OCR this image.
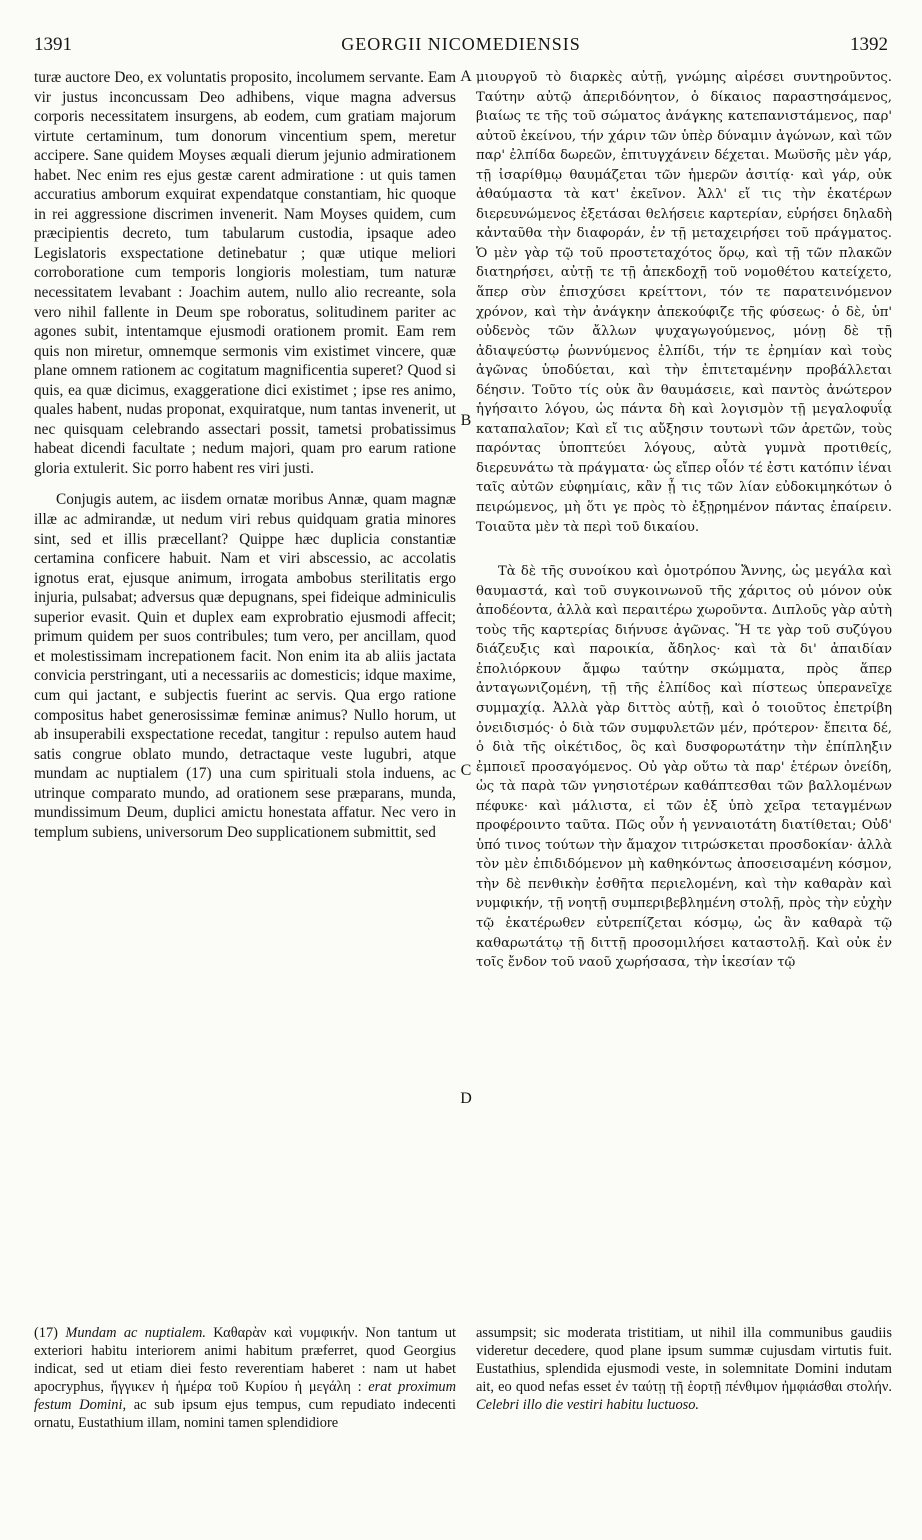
1391	GEORGII NICOMEDIENSIS	1392

turæ auctore Deo, ex voluntatis proposito, incolumem servante. Eam vir justus inconcussam Deo adhibens, vique magna adversus corporis necessitatem insurgens, ab eodem, cum gratiam majorum virtute certaminum, tum donorum vincentium spem, meretur accipere. Sane quidem Moyses æquali dierum jejunio admirationem habet. Nec enim res ejus gestæ carent admiratione : ut quis tamen accuratius amborum exquirat expendatque constantiam, hic quoque in rei aggressione discrimen invenerit. Nam Moyses quidem, cum præcipientis decreto, tum tabularum custodia, ipsaque adeo Legislatoris exspectatione detinebatur ; quæ utique meliori corroboratione cum temporis longioris molestiam, tum naturæ necessitatem levabant : Joachim autem, nullo alio recreante, sola vero nihil fallente in Deum spe roboratus, solitudinem pariter ac agones subit, intentamque ejusmodi orationem promit. Eam rem quis non miretur, omnemque sermonis vim existimet vincere, quæ plane omnem rationem ac cogitatum magnificentia superet? Quod si quis, ea quæ dicimus, exaggeratione dici existimet ; ipse res animo, quales habent, nudas proponat, exquiratque, num tantas invenerit, ut nec quisquam celebrando assectari possit, tametsi probatissimus habeat dicendi facultate ; nedum majori, quam pro earum ratione gloria extulerit. Sic porro habent res viri justi.

Conjugis autem, ac iisdem ornatæ moribus Annæ, quam magnæ illæ ac admirandæ, ut nedum viri rebus quidquam gratia minores sint, sed et illis præcellant? Quippe hæc duplicia constantiæ certamina conficere habuit. Nam et viri abscessio, ac accolatis ignotus erat, ejusque animum, irrogata ambobus sterilitatis ergo injuria, pulsabat; adversus quæ depugnans, spei fideique adminiculis superior evasit. Quin et duplex eam exprobratio ejusmodi affecit; primum quidem per suos contribules; tum vero, per ancillam, quod et molestissimam increpationem facit. Non enim ita ab aliis jactata convicia perstringant, uti a necessariis ac domesticis; idque maxime, cum qui jactant, e subjectis fuerint ac servis. Qua ergo ratione compositus habet generosissimæ feminæ animus? Nullo horum, ut ab insuperabili exspectatione recedat, tangitur : repulso autem haud satis congrue oblato mundo, detractaque veste lugubri, atque mundam ac nuptialem (17) una cum spirituali stola induens, ac utrinque comparato mundo, ad orationem sese præparans, munda, mundissimum Deum, duplici amictu honestata affatur. Nec vero in templum subiens, universorum Deo supplicationem submittit, sed

A
B
C
D

μιουργοῦ τὸ διαρκὲς αὐτῇ, γνώμης αἱρέσει συντηροῦντος. Ταύτην αὐτῷ ἀπεριδόνητον, ὁ δίκαιος παραστησάμενος, βιαίως τε τῆς τοῦ σώματος ἀνάγκης κατεπανιστάμενος, παρ' αὐτοῦ ἐκείνου, τήν χάριν τῶν ὑπὲρ δύναμιν ἀγώνων, καὶ τῶν παρ' ἐλπίδα δωρεῶν, ἐπιτυγχάνειν δέχεται. Μωϋσῆς μὲν γάρ, τῇ ἰσαρίθμῳ θαυμάζεται τῶν ἡμερῶν ἀσιτίᾳ· καὶ γάρ, οὐκ ἀθαύμαστα τὰ κατ' ἐκεῖνον. Ἀλλ' εἴ τις τὴν ἑκατέρων διερευνώμενος ἐξετάσαι θελήσειε καρτερίαν, εὑρήσει δηλαδὴ κἀνταῦθα τὴν διαφοράν, ἐν τῇ μεταχειρήσει τοῦ πράγματος. Ὁ μὲν γὰρ τῷ τοῦ προστεταχότος ὅρῳ, καὶ τῇ τῶν πλακῶν διατηρήσει, αὐτῇ τε τῇ ἀπεκδοχῇ τοῦ νομοθέτου κατείχετο, ἅπερ σὺν ἐπισχύσει κρείττονι, τόν τε παρατεινόμενον χρόνον, καὶ τὴν ἀνάγκην ἀπεκούφιζε τῆς φύσεως· ὁ δὲ, ὑπ' οὐδενὸς τῶν ἄλλων ψυχαγωγούμενος, μόνῃ δὲ τῇ ἀδιαψεύστῳ ῥωννύμενος ἐλπίδι, τήν τε ἐρημίαν καὶ τοὺς ἀγῶνας ὑποδύεται, καὶ τὴν ἐπιτεταμένην προβάλλεται δέησιν. Τοῦτο τίς οὐκ ἂν θαυμάσειε, καὶ παντὸς ἀνώτερον ἡγήσαιτο λόγου, ὡς πάντα δὴ καὶ λογισμὸν τῇ μεγαλοφυΐᾳ καταπαλαῖον; Καὶ εἴ τις αὔξησιν τουτωνὶ τῶν ἀρετῶν, τοὺς παρόντας ὑποπτεύει λόγους, αὐτὰ γυμνὰ προτιθείς, διερευνάτω τὰ πράγματα· ὡς εἴπερ οἷόν τέ ἐστι κατόπιν ἰέναι ταῖς αὐτῶν εὐφημίαις, κἂν ᾖ τις τῶν λίαν εὐδοκιμηκότων ὁ πειρώμενος, μὴ ὅτι γε πρὸς τὸ ἐξῃρημένον πάντας ἐπαίρειν. Τοιαῦτα μὲν τὰ περὶ τοῦ δικαίου.

Τὰ δὲ τῆς συνοίκου καὶ ὁμοτρόπου Ἄννης, ὡς μεγάλα καὶ θαυμαστά, καὶ τοῦ συγκοινωνοῦ τῆς χάριτος οὐ μόνον οὐκ ἀποδέοντα, ἀλλὰ καὶ περαιτέρω χωροῦντα. Διπλοῦς γὰρ αὐτὴ τοὺς τῆς καρτερίας διήνυσε ἀγῶνας. Ἥ τε γὰρ τοῦ συζύγου διάζευξις καὶ παροικία, ἄδηλος· καὶ τὰ δι' ἀπαιδίαν ἐπολιόρκουν ἄμφω ταύτην σκώμματα, πρὸς ἅπερ ἀνταγωνιζομένη, τῇ τῆς ἐλπίδος καὶ πίστεως ὑπερανεῖχε συμμαχίᾳ. Ἀλλὰ γὰρ διττὸς αὐτῇ, καὶ ὁ τοιοῦτος ἐπετρίβη ὀνειδισμός· ὁ διὰ τῶν συμφυλετῶν μέν, πρότερον· ἔπειτα δέ, ὁ διὰ τῆς οἰκέτιδος, ὃς καὶ δυσφορωτάτην τὴν ἐπίπληξιν ἐμποιεῖ προσαγόμενος. Οὐ γὰρ οὕτω τὰ παρ' ἑτέρων ὀνείδη, ὡς τὰ παρὰ τῶν γνησιοτέρων καθάπτεσθαι τῶν βαλλομένων πέφυκε· καὶ μάλιστα, εἰ τῶν ἐξ ὑπὸ χεῖρα τεταγμένων προφέροιντο ταῦτα. Πῶς οὖν ἡ γενναιοτάτη διατίθεται; Οὐδ' ὑπό τινος τούτων τὴν ἄμαχον τιτρώσκεται προσδοκίαν· ἀλλὰ τὸν μὲν ἐπιδιδόμενον μὴ καθηκόντως ἀποσεισαμένη κόσμον, τὴν δὲ πενθικὴν ἐσθῆτα περιελομένη, καὶ τὴν καθαρὰν καὶ νυμφικήν, τῇ νοητῇ συμπεριβεβλημένη στολῇ, πρὸς τὴν εὐχὴν τῷ ἑκατέρωθεν εὐτρεπίζεται κόσμῳ, ὡς ἂν καθαρὰ τῷ καθαρωτάτῳ τῇ διττῇ προσομιλήσει καταστολῇ. Καὶ οὐκ ἐν τοῖς ἔνδον τοῦ ναοῦ χωρήσασα, τὴν ἱκεσίαν τῷ

(17) Mundam ac nuptialem. Καθαρὰν καὶ νυμφικήν. Non tantum ut exteriori habitu interiorem animi habitum præferret, quod Georgius indicat, sed ut etiam diei festo reverentiam haberet : nam ut habet apocryphus, ἤγγικεν ἡ ἡμέρα τοῦ Κυρίου ἡ μεγάλη : erat proximum festum Domini, ac sub ipsum ejus tempus, cum repudiato indecenti ornatu, Eustathium illam, nomini tamen splendidiore
assumpsit; sic moderata tristitiam, ut nihil illa communibus gaudiis videretur decedere, quod plane ipsum summæ cujusdam virtutis fuit. Eustathius, splendida ejusmodi veste, in solemnitate Domini indutam ait, eo quod nefas esset ἐν ταύτῃ τῇ ἑορτῇ πένθιμον ἠμφιάσθαι στολήν. Celebri illo die vestiri habitu luctuoso.
